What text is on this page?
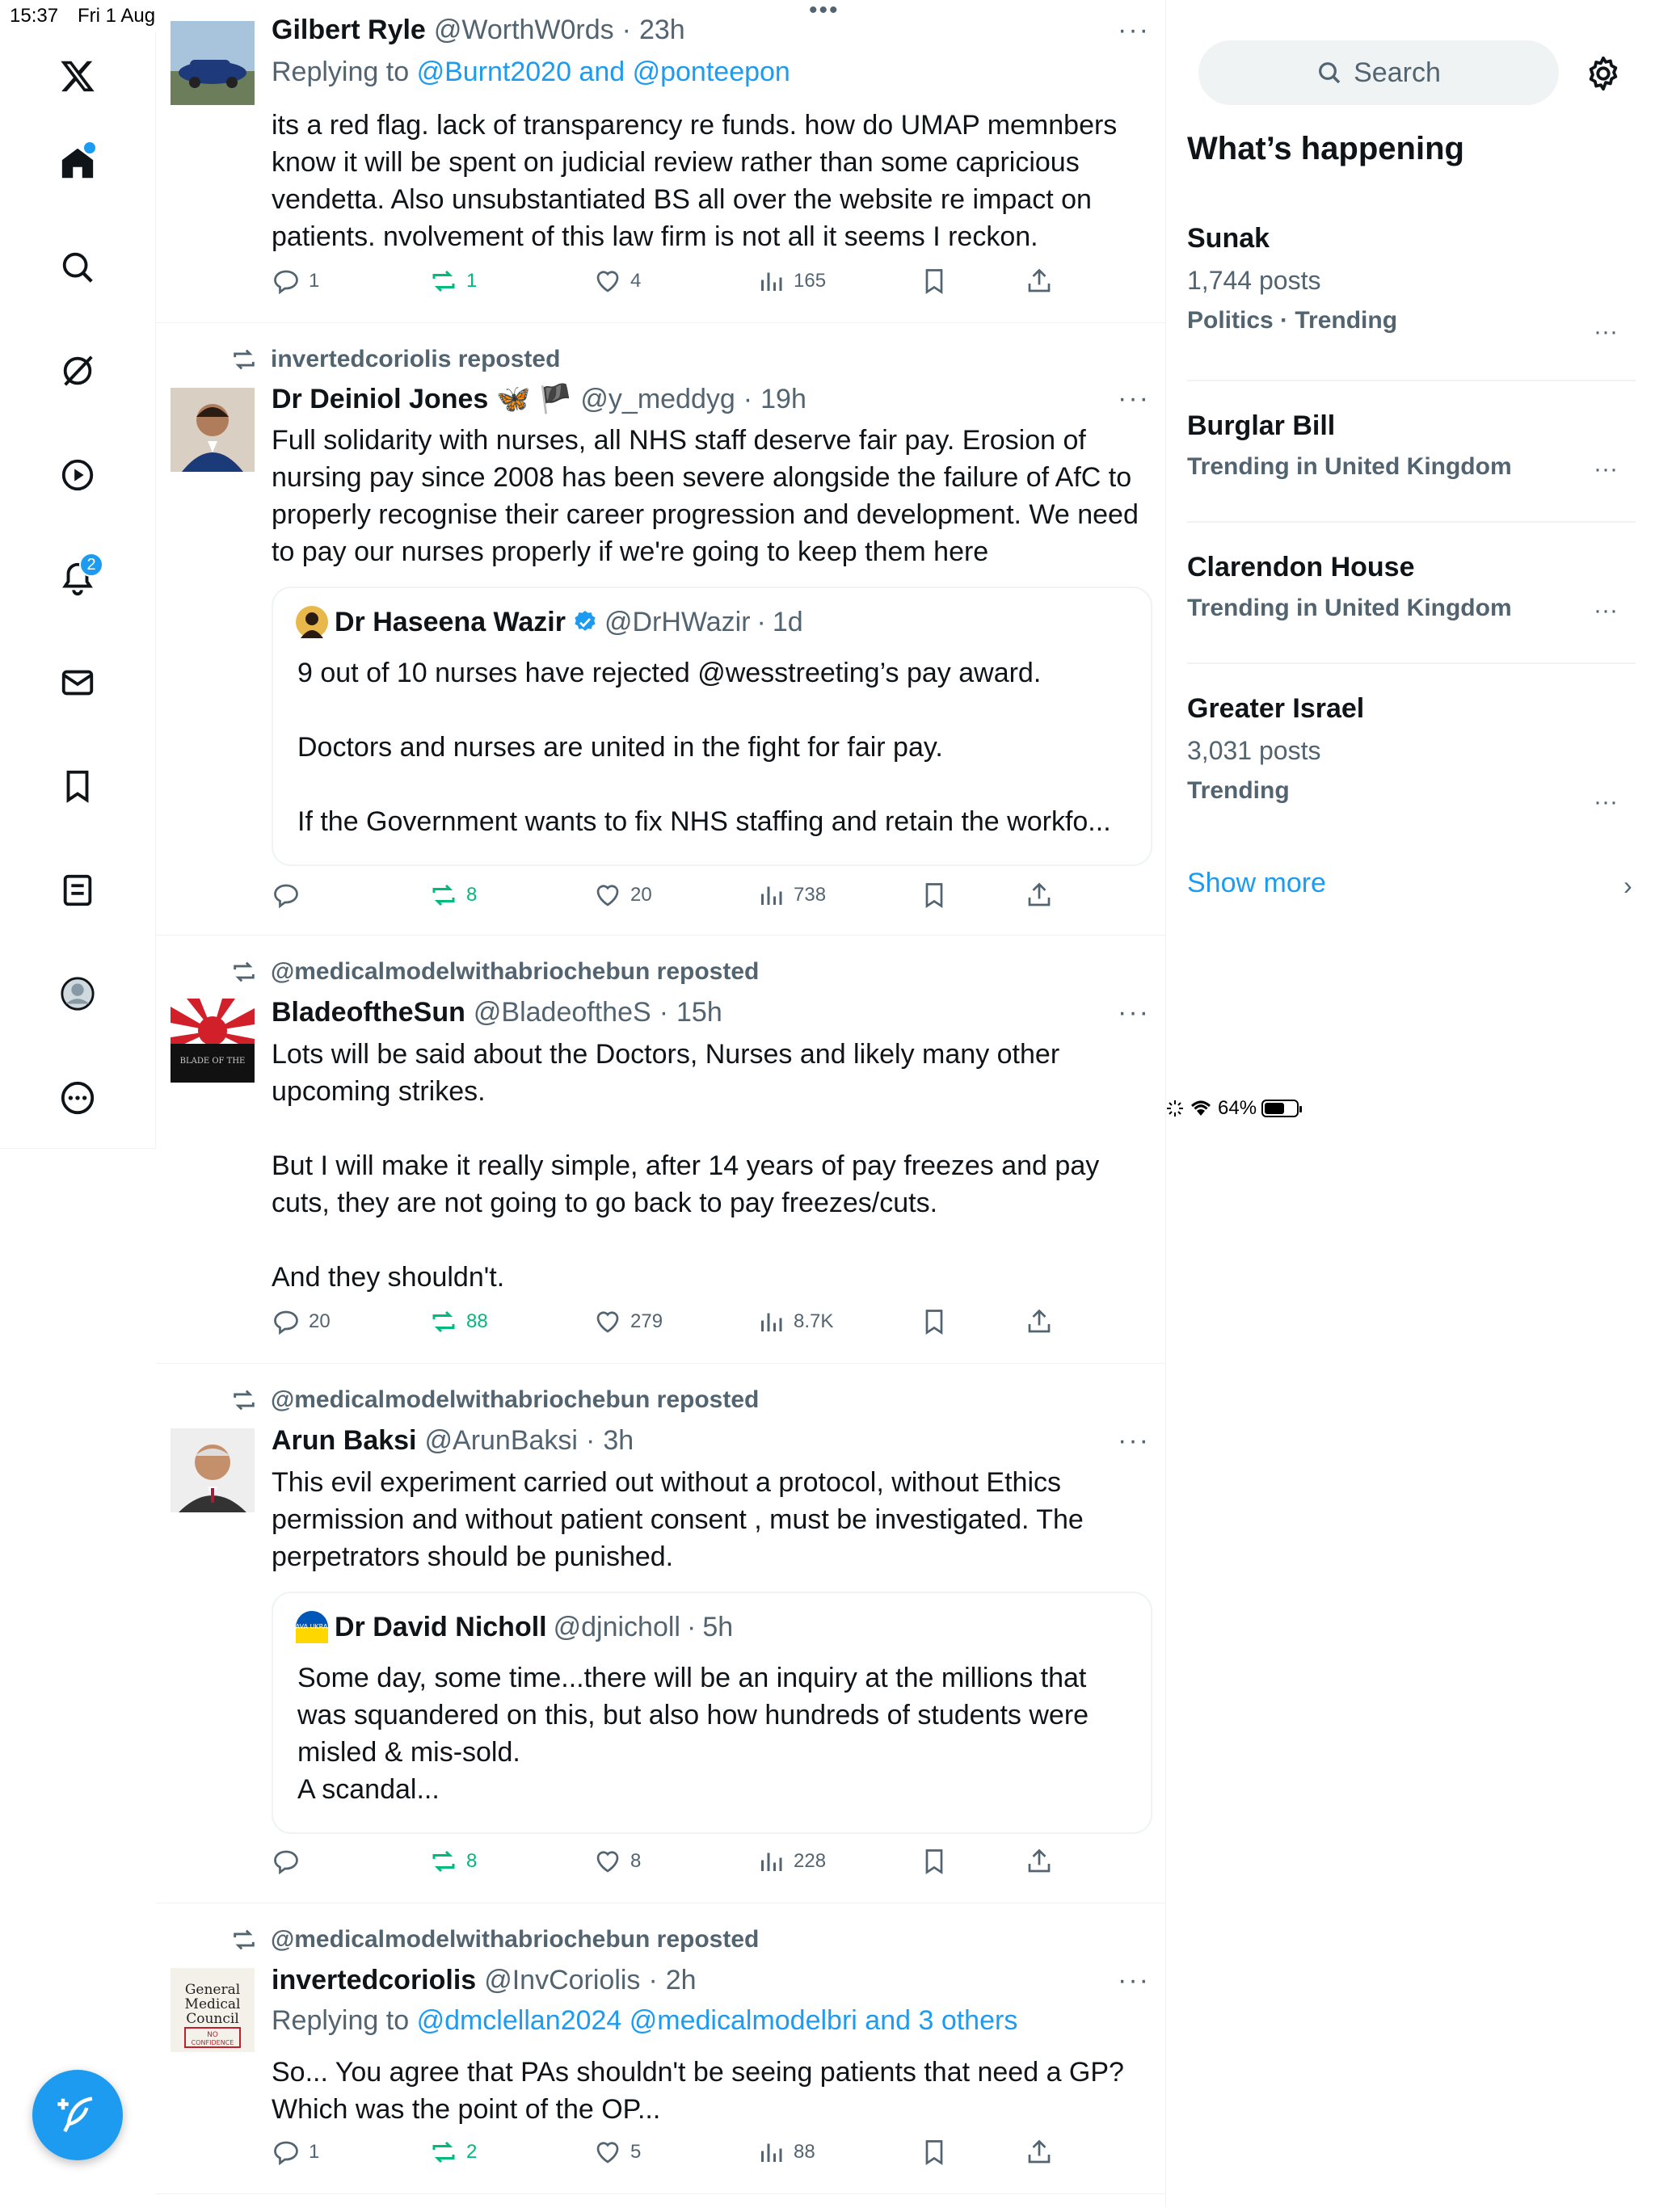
15:37 Fri 1 Aug
64%
2
•••
Gilbert Ryle @WorthW0rds · 23h	···
Replying to @Burnt2020 and @ponteepon
its a red flag. lack of transparency re funds. how do UMAP memnbers know it will be spent on judicial review rather than some capricious vendetta. Also unsubstantiated BS all over the website re impact on patients. nvolvement of this law firm is not all it seems I reckon.
1	1	4	165
invertedcoriolis reposted
Dr Deiniol Jones 🦋 🏴 @y_meddyg · 19h	···
Full solidarity with nurses, all NHS staff deserve fair pay. Erosion of nursing pay since 2008 has been severe alongside the failure of AfC to properly recognise their career progression and development. We need to pay our nurses properly if we're going to keep them here
Dr Haseena Wazir @DrHWazir · 1d
9 out of 10 nurses have rejected @wesstreeting’s pay award.

Doctors and nurses are united in the fight for fair pay.

If the Government wants to fix NHS staffing and retain the workfo...
8	20	738
@medicalmodelwithabriochebun reposted
BLADE OF THE
BladeoftheSun @BladeoftheS · 15h	···
Lots will be said about the Doctors, Nurses and likely many other upcoming strikes.

But I will make it really simple, after 14 years of pay freezes and pay cuts, they are not going to go back to pay freezes/cuts.

And they shouldn't.
20	88	279	8.7K
@medicalmodelwithabriochebun reposted
Arun Baksi @ArunBaksi · 3h	···
This evil experiment carried out without a protocol, without Ethics permission and without patient consent , must be investigated. The perpetrators should be punished.
SLAVA UKRAINI
Dr David Nicholl @djnicholl · 5h
Some day, some time...there will be an inquiry at the millions that was squandered on this, but also how hundreds of students were misled & mis-sold.
A scandal...
8	8	228
@medicalmodelwithabriochebun reposted
General
Medical
Council
NO
CONFIDENCE
invertedcoriolis @InvCoriolis · 2h	···
Replying to @dmclellan2024 @medicalmodelbri and 3 others
So... You agree that PAs shouldn't be seeing patients that need a GP? Which was the point of the OP...
1	2	5	88
Search
What’s happening
Sunak
1,744 posts
Politics · Trending	···
Burglar Bill
Trending in United Kingdom	···
Clarendon House
Trending in United Kingdom	···
Greater Israel
3,031 posts
Trending	···
Show more	›
